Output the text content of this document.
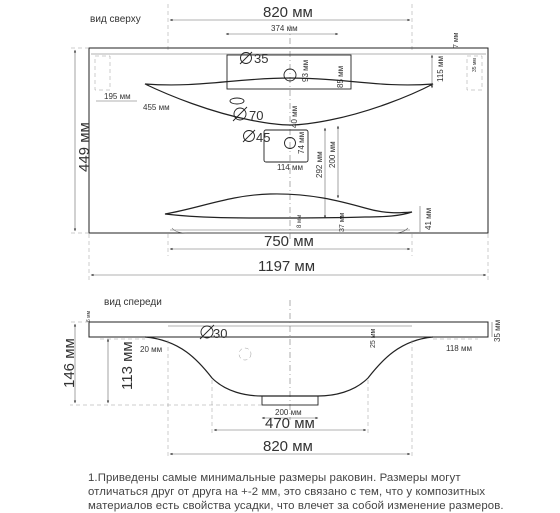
вид сверху	820 мм
374 мм
7 мм
35 мм
35
93 мм	85 мм	115 мм
195 мм
455 мм
70	40 мм
45	74 мм
114 мм 292 мм 200 мм
8 мм	37 мм	41 мм
449 мм
750 мм
1197 мм
вид спереди
6 мм
30	25 мм
20 мм	118 мм
35 мм
146 мм	113 мм
200 мм
470 мм
820 мм
1.Приведены самые минимальные размеры раковин. Размеры могут
отличаться друг от друга на +-2 мм, это связано с тем, что у композитных
материалов есть свойства усадки, что влечет за собой изменение размеров.
